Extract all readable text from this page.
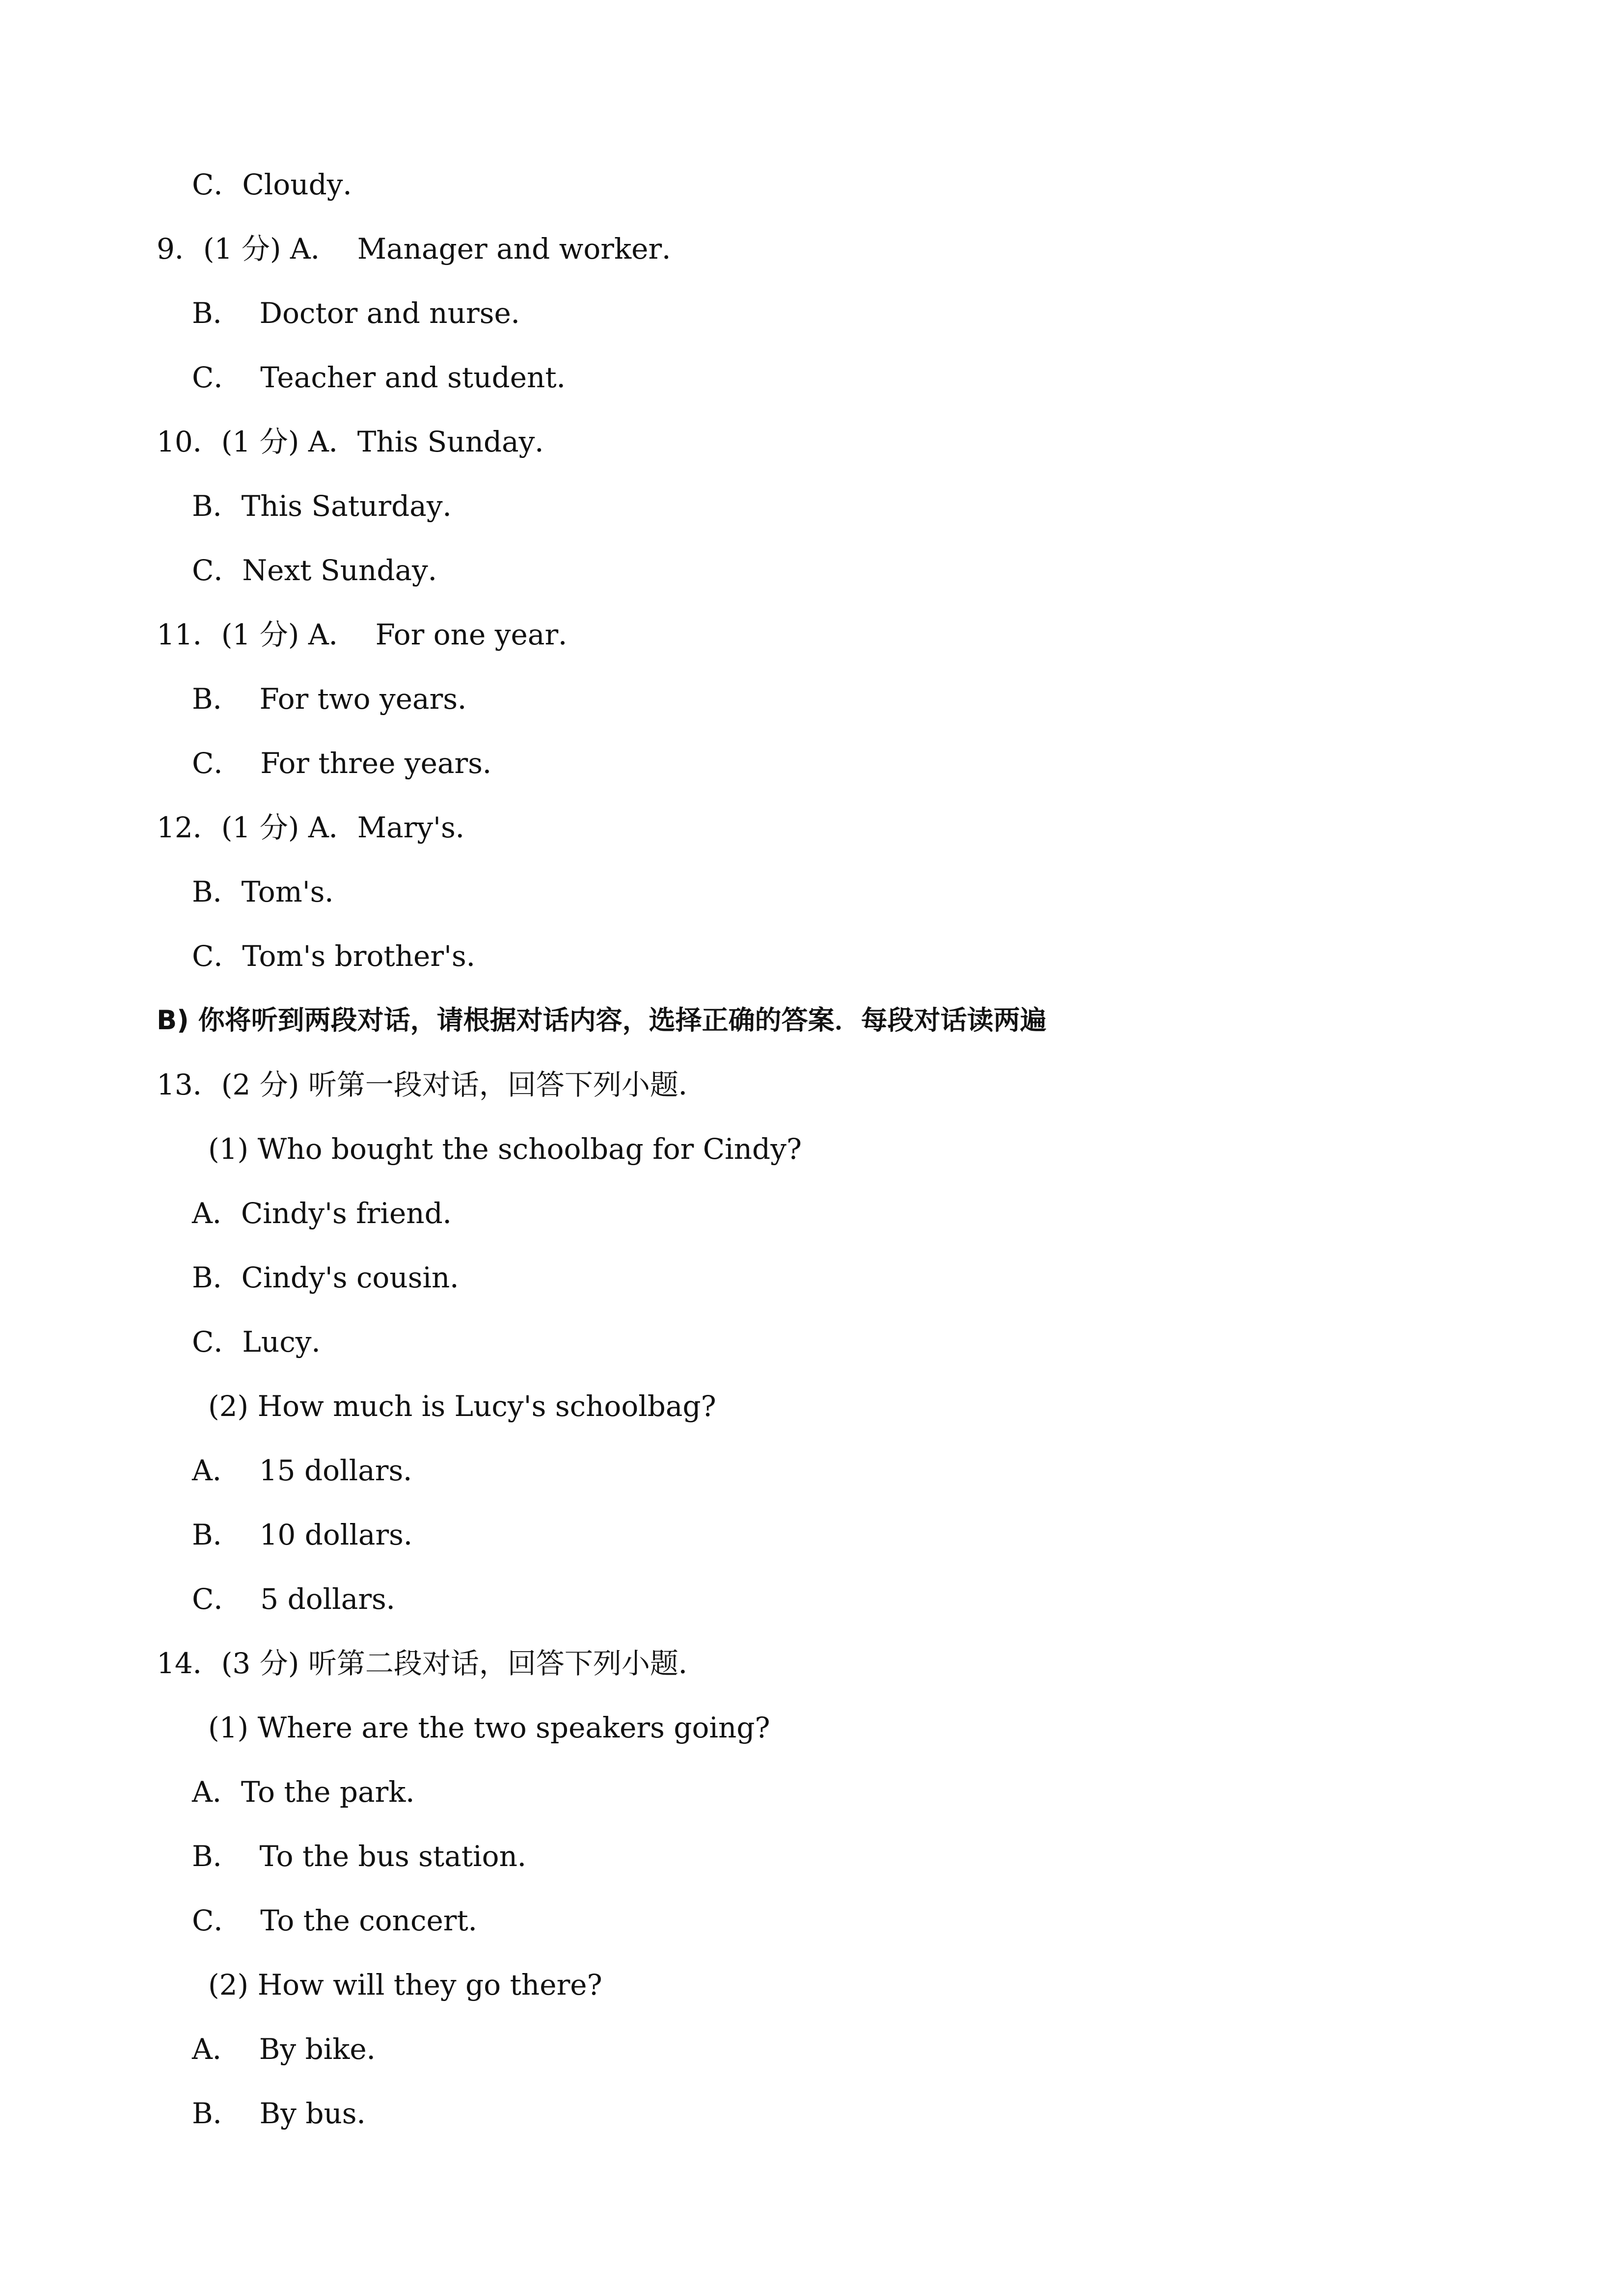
C．Cloudy．

9．(1 分) A．  Manager and worker．

B．  Doctor and nurse．

C．  Teacher and student．

10．(1 分) A．This Sunday．

B．This Saturday．

C．Next Sunday．

11．(1 分) A．  For one year．

B．  For two years．

C．  For three years．

12．(1 分) A．Mary's．

B．Tom's．

C．Tom's brother's．

B) 你将听到两段对话，请根据对话内容，选择正确的答案．每段对话读两遍

13．(2 分) 听第一段对话，回答下列小题．

(1) Who bought the schoolbag for Cindy?

A．Cindy's friend．

B．Cindy's cousin．

C．Lucy．

(2) How much is Lucy's schoolbag?

A．  15 dollars．

B．  10 dollars．

C．  5 dollars．

14．(3 分) 听第二段对话，回答下列小题．

(1) Where are the two speakers going?

A．To the park．

B．  To the bus station．

C．  To the concert．

(2) How will they go there?

A．  By bike．

B．  By bus．
